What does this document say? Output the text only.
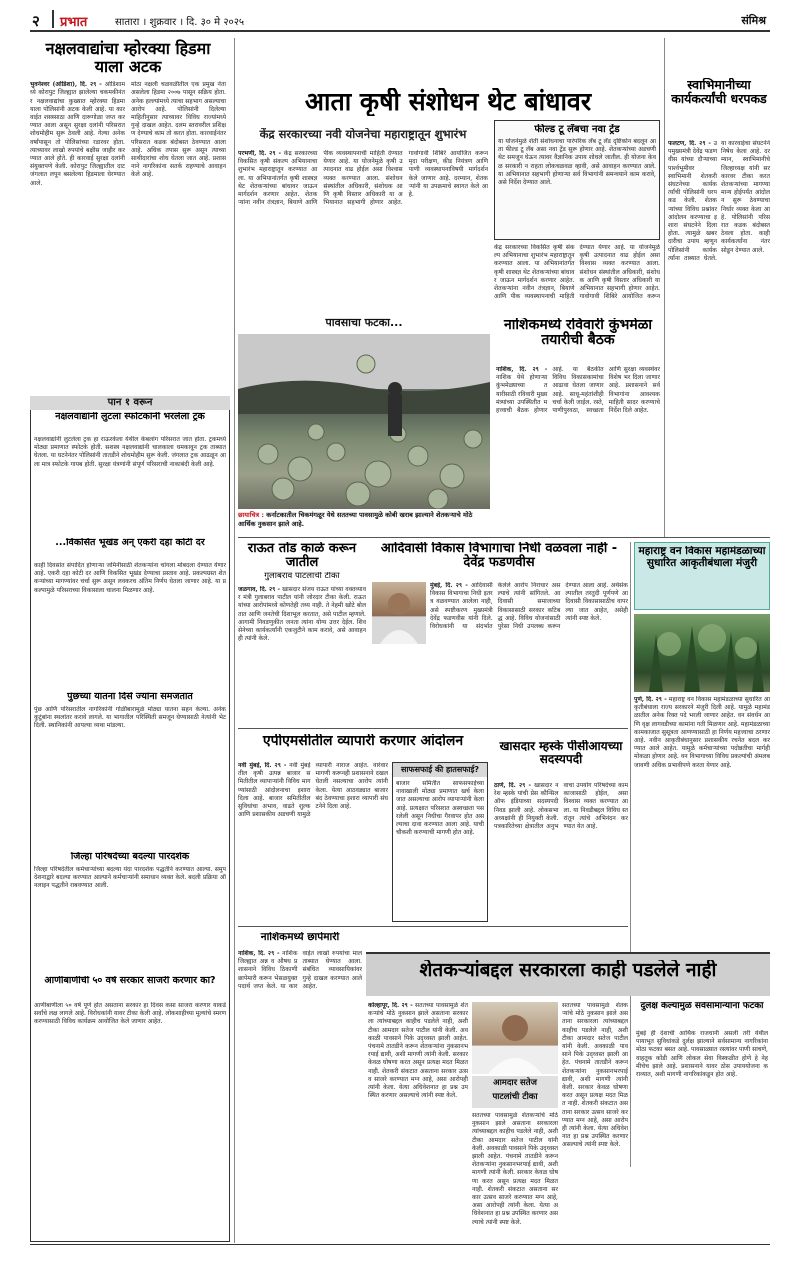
२ प्रभात	सातारा । शुक्रवार । दि. ३० मे २०२५	संमिश्र
नक्षलवाद्यांचा म्होरक्या हिडमा याला अटक
भुवनेश्वर (ओडिशा), दि. २९ - ओडिशामध्ये कोरापुट जिल्ह्यात झालेल्या चकमकीनंतर नक्षलवाद्यांचा कुख्यात म्होरक्या हिडमा याला पोलिसांनी अटक केली आहे. या कारवाईत शस्त्रसाठा आणि दारूगोळा जप्त करण्यात आला असून सुरक्षा दलांनी परिसरात शोधमोहीम सुरू ठेवली आहे. गेल्या अनेक वर्षांपासून तो पोलिसांच्या रडारवर होता. त्याच्यावर लाखो रुपयांचे बक्षीस जाहीर करण्यात आले होते. ही कारवाई सुरक्षा दलांनी संयुक्तपणे केली. कोरापुट जिल्ह्यातील दाट जंगलात लपून बसलेल्या हिडमाला घेरण्यात आले.
मोठा नक्षली चळवळीतील एक प्रमुख नेता असलेला हिडमा २००७ पासून सक्रिय होता. अनेक हल्ल्यांमध्ये त्याचा सहभाग असल्याचा आरोप आहे. पोलिसांनी दिलेल्या माहितीनुसार त्याच्यावर विविध राज्यांमध्ये गुन्हे दाखल आहेत. दलम स्तरावरील प्रशिक्षण देण्याचे काम तो करत होता. कारवाईनंतर परिसरात कडक बंदोबस्त ठेवण्यात आला आहे. अधिक तपास सुरू असून त्याच्या साथीदारांचा शोध घेतला जात आहे. प्रशासनाने नागरिकांना सतर्क राहण्याचे आवाहन केले आहे.
पान १ वरून
नक्षलवाद्यांनी लुटला स्फोटकांनी भरलेला ट्रक
नक्षलवाद्यांनी लुटलेला ट्रक हा राऊरकेला येथील केबलांग परिसरात जात होता. ट्रकमध्ये मोठ्या प्रमाणात स्फोटके होती. सशस्त्र नक्षलवाद्यांनी चालकाला धमकावून ट्रक ताब्यात घेतला. या घटनेनंतर पोलिसांनी तातडीने शोधमोहीम सुरू केली. जंगलात ट्रक आढळून आला मात्र स्फोटके गायब होती. सुरक्षा यंत्रणांनी संपूर्ण परिसराची नाकाबंदी केली आहे.
...विकसित भूखंड अन् एकरी दहा कोटी दर
काही दिवसांत संपादित होणाऱ्या जमिनींसाठी शेतकऱ्यांना चांगला मोबदला देण्यात येणार आहे. एकरी दहा कोटी दर आणि विकसित भूखंड देण्याचा प्रस्ताव आहे. प्रकल्पग्रस्त शेतकऱ्यांच्या मागण्यांवर चर्चा सुरू असून लवकरच अंतिम निर्णय घेतला जाणार आहे. या प्रकल्पामुळे परिसराच्या विकासाला चालना मिळणार आहे.
पुंछच्या यातना दिसे ज्यांना समजतात
पुंछ आणि परिसरातील नागरिकांनी गोळीबारामुळे मोठ्या यातना सहन केल्या. अनेक कुटुंबांना स्थलांतर करावे लागले. या भागातील परिस्थिती समजून घेण्यासाठी नेत्यांनी भेट दिली. स्थानिकांनी आपल्या व्यथा मांडल्या.
जिल्हा परिषदेच्या बदल्या पारदर्शक
जिल्हा परिषदेतील कर्मचाऱ्यांच्या बदल्या यंदा पारदर्शक पद्धतीने करण्यात आल्या. समुपदेशनाद्वारे बदल्या करण्यात आल्याने कर्मचाऱ्यांनी समाधान व्यक्त केले. बदली प्रक्रिया ऑनलाइन पद्धतीने राबवण्यात आली.
आणीबाणीची ५० वर्षे सरकार साजरी करणार का?
आणीबाणीला ५० वर्षे पूर्ण होत असताना सरकार हा दिवस कसा साजरा करणार याकडे सर्वांचे लक्ष लागले आहे. विरोधकांनी यावर टीका केली आहे. लोकशाहीच्या मूल्यांचे स्मरण करण्यासाठी विविध कार्यक्रम आयोजित केले जाणार आहेत.
आता कृषी संशोधन थेट बांधावर
केंद्र सरकारच्या नवी योजनेचा महाराष्ट्रातून शुभारंभ
परभणी, दि. २९ - केंद्र सरकारच्या विकसित कृषी संकल्प अभियानाचा शुभारंभ महाराष्ट्रातून करण्यात आला. या अभियानांतर्गत कृषी शास्त्रज्ञ थेट शेतकऱ्यांच्या बांधावर जाऊन मार्गदर्शन करणार आहेत. शेतकऱ्यांना नवीन तंत्रज्ञान, बियाणे आणि पीक व्यवस्थापनाची माहिती देण्यात येणार आहे. या योजनेमुळे कृषी उत्पादनात वाढ होईल असा विश्वास व्यक्त करण्यात आला. संशोधन संस्थांतील अधिकारी, संशोधक आणि कृषी विस्तार अधिकारी या अभियानात सहभागी होणार आहेत. गावोगावी शिबिरे आयोजित करून मृदा परीक्षण, कीड नियंत्रण आणि पाणी व्यवस्थापनाविषयी मार्गदर्शन केले जाणार आहे. दरम्यान, शेतकऱ्यांनी या उपक्रमाचे स्वागत केले आहे.
फील्ड टू लॅबचा नवा ट्रेंड
या योजनेमुळे शेती संशोधनाचा पारंपरिक लॅब टू लँड दृष्टिकोन बदलून आता फील्ड टू लॅब असा नवा ट्रेंड सुरू होणार आहे. शेतकऱ्यांच्या अडचणी थेट समजून घेऊन त्यावर वैज्ञानिक उपाय शोधले जातील. ही योजना केवळ सरकारी न राहता लोकचळवळ व्हावी, असे आवाहन करण्यात आले. या अभियानात सहभागी होणाऱ्या सर्व विभागांनी समन्वयाने काम करावे, असे निर्देश देण्यात आले.
पावसाचा फटका...
छायाचित्र : कर्नाटकातील चिकमंगळूर येथे सततच्या पावसामुळे कोबी खराब झाल्याने शेतकऱ्याचे मोठे आर्थिक नुकसान झाले आहे.
केंद्र सरकारच्या विकसित कृषी संकल्प अभियानाचा शुभारंभ महाराष्ट्रातून करण्यात आला. या अभियानांतर्गत कृषी शास्त्रज्ञ थेट शेतकऱ्यांच्या बांधावर जाऊन मार्गदर्शन करणार आहेत. शेतकऱ्यांना नवीन तंत्रज्ञान, बियाणे आणि पीक व्यवस्थापनाची माहिती देण्यात येणार आहे. या योजनेमुळे कृषी उत्पादनात वाढ होईल असा विश्वास व्यक्त करण्यात आला. संशोधन संस्थांतील अधिकारी, संशोधक आणि कृषी विस्तार अधिकारी या अभियानात सहभागी होणार आहेत. गावोगावी शिबिरे आयोजित करून
नाशिकमध्ये रविवारी कुंभमेळा तयारीची बैठक
नाशिक, दि. २९ - नाशिक येथे होणाऱ्या कुंभमेळ्याच्या तयारीसाठी रविवारी मुख्यमंत्र्यांच्या उपस्थितीत महत्त्वाची बैठक होणार आहे. या बैठकीत विविध विकासकामांचा आढावा घेतला जाणार आहे. साधू-महंतांशीही चर्चा केली जाईल. रस्ते, पाणीपुरवठा, स्वच्छता आणि सुरक्षा व्यवस्थेवर विशेष भर दिला जाणार आहे. प्रशासनाने सर्व विभागांना आवश्यक माहिती सादर करण्याचे निर्देश दिले आहेत.
स्वाभिमानीच्या कार्यकर्त्यांची धरपकड
फलटण, दि. २९ - उपमुख्यमंत्री देवेंद्र फडणवीस यांच्या दौऱ्याच्या पार्श्वभूमीवर स्वाभिमानी शेतकरी संघटनेच्या कार्यकर्त्यांची पोलिसांनी धरपकड केली. शेतकऱ्यांच्या विविध प्रश्नांवर आंदोलन करण्याचा इशारा संघटनेने दिला होता. त्यामुळे खबरदारीचा उपाय म्हणून पोलिसांनी कार्यकर्त्यांना ताब्यात घेतले. या कारवाईचा संघटनेने निषेध केला आहे. दरम्यान, स्वाभिमानीचे जिल्हाध्यक्ष यांनी सरकारवर टीका करत शेतकऱ्यांच्या मागण्या मान्य होईपर्यंत आंदोलन सुरू ठेवण्याचा निर्धार व्यक्त केला आहे. पोलिसांनी परिसरात कडक बंदोबस्त ठेवला होता. काही कार्यकर्त्यांना नंतर सोडून देण्यात आले.
राऊत तोंड काळे करून जातील
गुलाबराव पाटलांची टीका
जळगाव, दि. २९ - खासदार संजय राऊत यांच्या वक्तव्यावर मंत्री गुलाबराव पाटील यांनी जोरदार टीका केली. राऊत यांच्या आरोपांमध्ये कोणतेही तथ्य नाही. ते नेहमी खोटे बोलतात आणि जनतेची दिशाभूल करतात, असे पाटील म्हणाले. आगामी निवडणुकीत जनता त्यांना योग्य उत्तर देईल. शिवसेनेच्या कार्यकर्त्यांनी एकजुटीने काम करावे, असे आवाहनही त्यांनी केले.
आदिवासी विकास विभागाचा निधी वळवला नाही - देवेंद्र फडणवीस
मुंबई, दि. २९ - आदिवासी विकास विभागाचा निधी इतरत्र वळवण्यात आलेला नाही, असे स्पष्टीकरण मुख्यमंत्री देवेंद्र फडणवीस यांनी दिले. विरोधकांनी या संदर्भात केलेले आरोप निराधार असल्याचे त्यांनी सांगितले. आदिवासी समाजाच्या विकासासाठी सरकार कटिबद्ध आहे. विविध योजनांसाठी पुरेसा निधी उपलब्ध करून देण्यात आला आहे. अर्थसंकल्पातील तरतुदी पूर्णपणे आदिवासी विकासासाठीच वापरल्या जात आहेत, असेही त्यांनी स्पष्ट केले.
महाराष्ट्र वन विकास महामंडळाच्या सुधारित आकृतीबंधाला मंजुरी
पुणे, दि. २९ - महाराष्ट्र वन विकास महामंडळाच्या सुधारित आकृतीबंधाला राज्य सरकारने मंजुरी दिली आहे. यामुळे महामंडळातील अनेक रिक्त पदे भरली जाणार आहेत. वन संवर्धन आणि वृक्ष लागवडीच्या कामांना गती मिळणार आहे. महामंडळाच्या कामकाजात सुसूत्रता आणण्यासाठी हा निर्णय महत्त्वाचा ठरणार आहे. नवीन आकृतीबंधानुसार प्रशासकीय रचनेत बदल करण्यात आले आहेत. यामुळे कर्मचाऱ्यांच्या पदोन्नतीचा मार्गही मोकळा होणार आहे. वन विभागाच्या विविध प्रकल्पांची अंमलबजावणी अधिक प्रभावीपणे करता येणार आहे.
एपीएमसीतील व्यापारी करणार आंदोलन
नवी मुंबई, दि. २९ - नवी मुंबईतील कृषी उत्पन्न बाजार समितीतील व्यापाऱ्यांनी विविध मागण्यांसाठी आंदोलनाचा इशारा दिला आहे. बाजार समितीतील सुविधांचा अभाव, वाढते शुल्क आणि प्रशासकीय अडचणी यामुळे व्यापारी नाराज आहेत. वारंवार मागणी करूनही प्रशासनाने दखल घेतली नसल्याचा आरोप त्यांनी केला. येत्या आठवड्यात बाजार बंद ठेवण्याचा इशारा व्यापारी संघटनेने दिला आहे.
साफसफाई की हातसफाई?
बाजार समितीत साफसफाईच्या नावाखाली मोठ्या प्रमाणात खर्च केला जात असल्याचा आरोप व्यापाऱ्यांनी केला आहे. प्रत्यक्षात परिसरात अस्वच्छता पसरलेली असून निधीचा गैरवापर होत असल्याचा दावा करण्यात आला आहे. याची चौकशी करण्याची मागणी होत आहे.
खासदार म्हस्के पीसीआयच्या सदस्यपदी
ठाणे, दि. २९ - खासदार नरेश म्हस्के यांची प्रेस कौन्सिल ऑफ इंडियाच्या सदस्यपदी निवड झाली आहे. लोकसभा अध्यक्षांनी ही नियुक्ती केली. पत्रकारितेच्या क्षेत्रातील अनुभवाचा उपयोग परिषदेच्या कामकाजासाठी होईल, असा विश्वास व्यक्त करण्यात आला. या निवडीबद्दल विविध स्तरांतून त्यांचे अभिनंदन करण्यात येत आहे.
नाशिकमध्ये छापेमारी
नाशिक, दि. २९ - नाशिक जिल्ह्यात अन्न व औषध प्रशासनाने विविध ठिकाणी छापेमारी करून भेसळयुक्त पदार्थ जप्त केले. या कारवाईत लाखो रुपयांचा माल ताब्यात घेण्यात आला. संबंधित व्यावसायिकांवर गुन्हे दाखल करण्यात आले आहेत.
शेतकऱ्यांबद्दल सरकारला काही पडलेले नाही
कोल्हापूर, दि. २९ - सततच्या पावसामुळे शेतकऱ्यांचे मोठे नुकसान झाले असताना सरकारला त्यांच्याबद्दल काहीच पडलेले नाही, अशी टीका आमदार सतेज पाटील यांनी केली. अवकाळी पावसाने पिके उद्ध्वस्त झाली आहेत. पंचनामे तातडीने करून शेतकऱ्यांना नुकसानभरपाई द्यावी, अशी मागणी त्यांनी केली. सरकार केवळ घोषणा करत असून प्रत्यक्ष मदत मिळत नाही. शेतकरी संकटात असताना सरकार उत्सव साजरे करण्यात मग्न आहे, असा आरोपही त्यांनी केला. येत्या अधिवेशनात हा प्रश्न उपस्थित करणार असल्याचे त्यांनी स्पष्ट केले.
आमदार सतेज
पाटलांची टीका
सततच्या पावसामुळे शेतकऱ्यांचे मोठे नुकसान झाले असताना सरकारला त्यांच्याबद्दल काहीच पडलेले नाही, अशी टीका आमदार सतेज पाटील यांनी केली. अवकाळी पावसाने पिके उद्ध्वस्त झाली आहेत. पंचनामे तातडीने करून शेतकऱ्यांना नुकसानभरपाई द्यावी, अशी मागणी त्यांनी केली. सरकार केवळ घोषणा करत असून प्रत्यक्ष मदत मिळत नाही. शेतकरी संकटात असताना सरकार उत्सव साजरे करण्यात मग्न आहे, असा आरोपही त्यांनी केला. येत्या अधिवेशनात हा प्रश्न उपस्थित करणार असल्याचे त्यांनी स्पष्ट केले.
सततच्या पावसामुळे शेतकऱ्यांचे मोठे नुकसान झाले असताना सरकारला त्यांच्याबद्दल काहीच पडलेले नाही, अशी टीका आमदार सतेज पाटील यांनी केली. अवकाळी पावसाने पिके उद्ध्वस्त झाली आहेत. पंचनामे तातडीने करून शेतकऱ्यांना नुकसानभरपाई द्यावी, अशी मागणी त्यांनी केली. सरकार केवळ घोषणा करत असून प्रत्यक्ष मदत मिळत नाही. शेतकरी संकटात असताना सरकार उत्सव साजरे करण्यात मग्न आहे, असा आरोपही त्यांनी केला. येत्या अधिवेशनात हा प्रश्न उपस्थित करणार असल्याचे त्यांनी स्पष्ट केले.
दुर्लक्ष केल्यामुळे सर्वसामान्यांना फटका
मुंबई ही देशाची आर्थिक राजधानी असली तरी येथील पायाभूत सुविधांकडे दुर्लक्ष झाल्याने सर्वसामान्य नागरिकांना मोठा फटका बसत आहे. पावसाळ्यात रस्त्यांवर पाणी साचणे, वाहतूक कोंडी आणि लोकल सेवा विस्कळीत होणे हे नेहमीचेच झाले आहे. प्रशासनाने यावर ठोस उपाययोजना कराव्यात, अशी मागणी नागरिकांकडून होत आहे.
